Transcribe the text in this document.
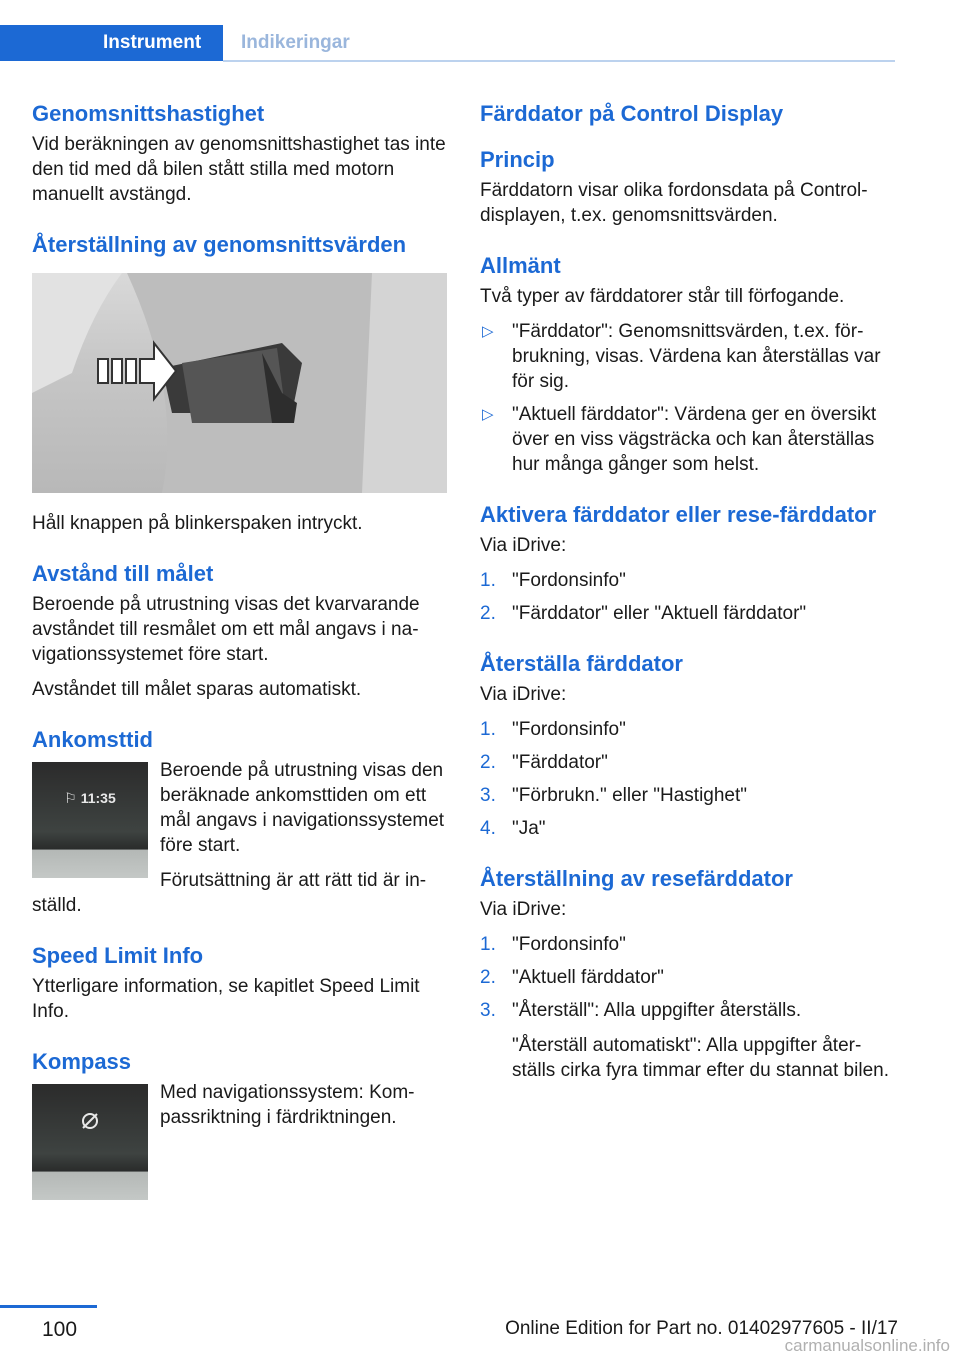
Instrument	Indikeringar
Genomsnittshastighet

Vid beräkningen av genomsnittshastighet tas inte den tid med då bilen stått stilla med motorn manuellt avstängd.

Återställning av genomsnittsvärden

Håll knappen på blinkerspaken intryckt.

Avstånd till målet

Beroende på utrustning visas det kvarvarande avståndet till resmålet om ett mål angavs i navigationssystemet före start.

Avståndet till målet sparas automatiskt.

Ankomsttid
⚐ 11:35

Beroende på utrustning visas den beräknade ankomsttiden om ett mål angavs i navigationssystemet före start.

Förutsättning är att rätt tid är inställd.

Speed Limit Info

Ytterligare information, se kapitlet Speed Limit Info.

Kompass

Med navigationssystem: Kompassriktning i färdriktningen.

Färddator på Control Display
Princip

Färddatorn visar olika fordonsdata på Controldisplayen, t.ex. genomsnittsvärden.

Allmänt

Två typer av färddatorer står till förfogande.

▷ "Färddator": Genomsnittsvärden, t.ex. förbrukning, visas. Värdena kan återställas var för sig.
▷ "Aktuell färddator": Värdena ger en översikt över en viss vägsträcka och kan återställas hur många gånger som helst.
Aktivera färddator eller rese-färddator

Via iDrive:

1. "Fordonsinfo"
2. "Färddator" eller "Aktuell färddator"
Återställa färddator

Via iDrive:

1. "Fordonsinfo"
2. "Färddator"
3. "Förbrukn." eller "Hastighet"
4. "Ja"
Återställning av resefärddator

Via iDrive:

1. "Fordonsinfo"
2. "Aktuell färddator"
3. "Återställ": Alla uppgifter återställs.

"Återställ automatiskt": Alla uppgifter återställs cirka fyra timmar efter du stannat bilen.

100	Online Edition for Part no. 01402977605 - II/17
carmanualsonline.info
